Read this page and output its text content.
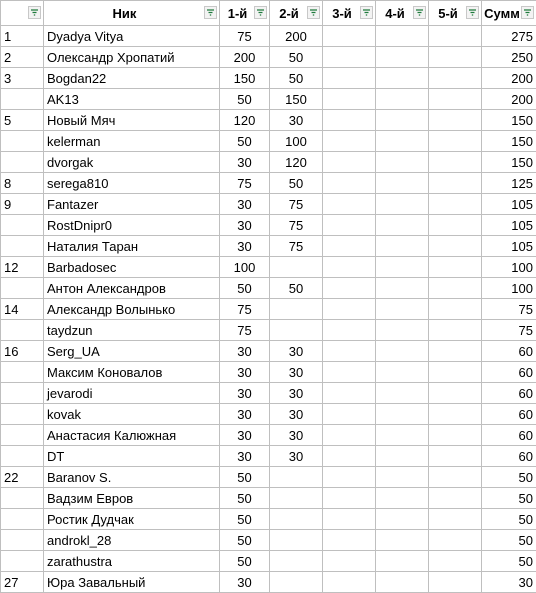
	Ник	1-й	2-й	3-й	4-й	5-й	Сумм

1	Dyadya Vitya	75	200				275
2	Олександр Хропатий	200	50				250
3	Bogdan22	150	50				200
	AK13	50	150				200
5	Новый Мяч	120	30				150
	kelerman	50	100				150
	dvorgak	30	120				150
8	serega810	75	50				125
9	Fantazer	30	75				105
	RostDnipr0	30	75				105
	Наталия Таран	30	75				105
12	Barbadosec	100					100
	Антон Александров	50	50				100
14	Александр Волынько	75					75
	taydzun	75					75
16	Serg_UA	30	30				60
	Максим Коновалов	30	30				60
	jevarodi	30	30				60
	kovak	30	30				60
	Анастасия Калюжная	30	30				60
	DT	30	30				60
22	Baranov S.	50					50
	Вадзим Евров	50					50
	Ростик Дудчак	50					50
	androkl_28	50					50
	zarathustra	50					50
27	Юра Завальный	30					30
